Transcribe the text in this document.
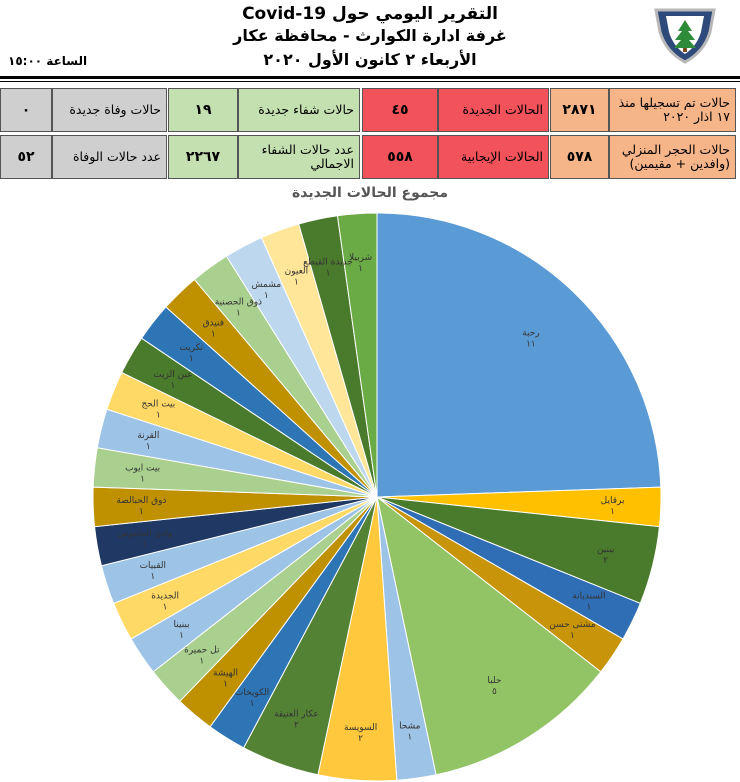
التقرير اليومي حول Covid-19
غرفة ادارة الكوارث - محافظة عكار
الأربعاء ٢ كانون الأول ٢٠٢٠
الساعة ١٥:٠٠
حالات تم تسجيلها منذ ١٧ اذار ٢٠٢٠
٢٨٧١
الحالات الجديدة
٤٥
حالات شفاء جديدة
١٩
حالات وفاة جديدة
٠
حالات الحجر المنزلي (وافدين + مقيمين)
٥٧٨
الحالات الإيجابية
٥٥٨
عدد حالات الشفاء الاجمالي
٢٢٦٧
عدد حالات الوفاة
٥٢
مجموع الحالات الجديدة
رحبة
١١
برقايل
١
ببنين
٢
السنديانة
١
مشتى حسن
١
حلبا
٥
مشحا
١
السويسة
٢
عكار العتيقة
٢
الكويخات
١
الهيشة
١
تل حميرة
١
ببنينا
١
الجديدة
١
القبيات
١
وادي الجاموس
١
ذوق الحبالصة
١
بيت ايوب
١
القرنة
١
بيت الحج
١
عين الزيت
١
تكريت
١
فنيدق
١
ذوق الحصنية
١
مشمش
١
العيون
١
جديدة القيطع
١
شربيلا
١
